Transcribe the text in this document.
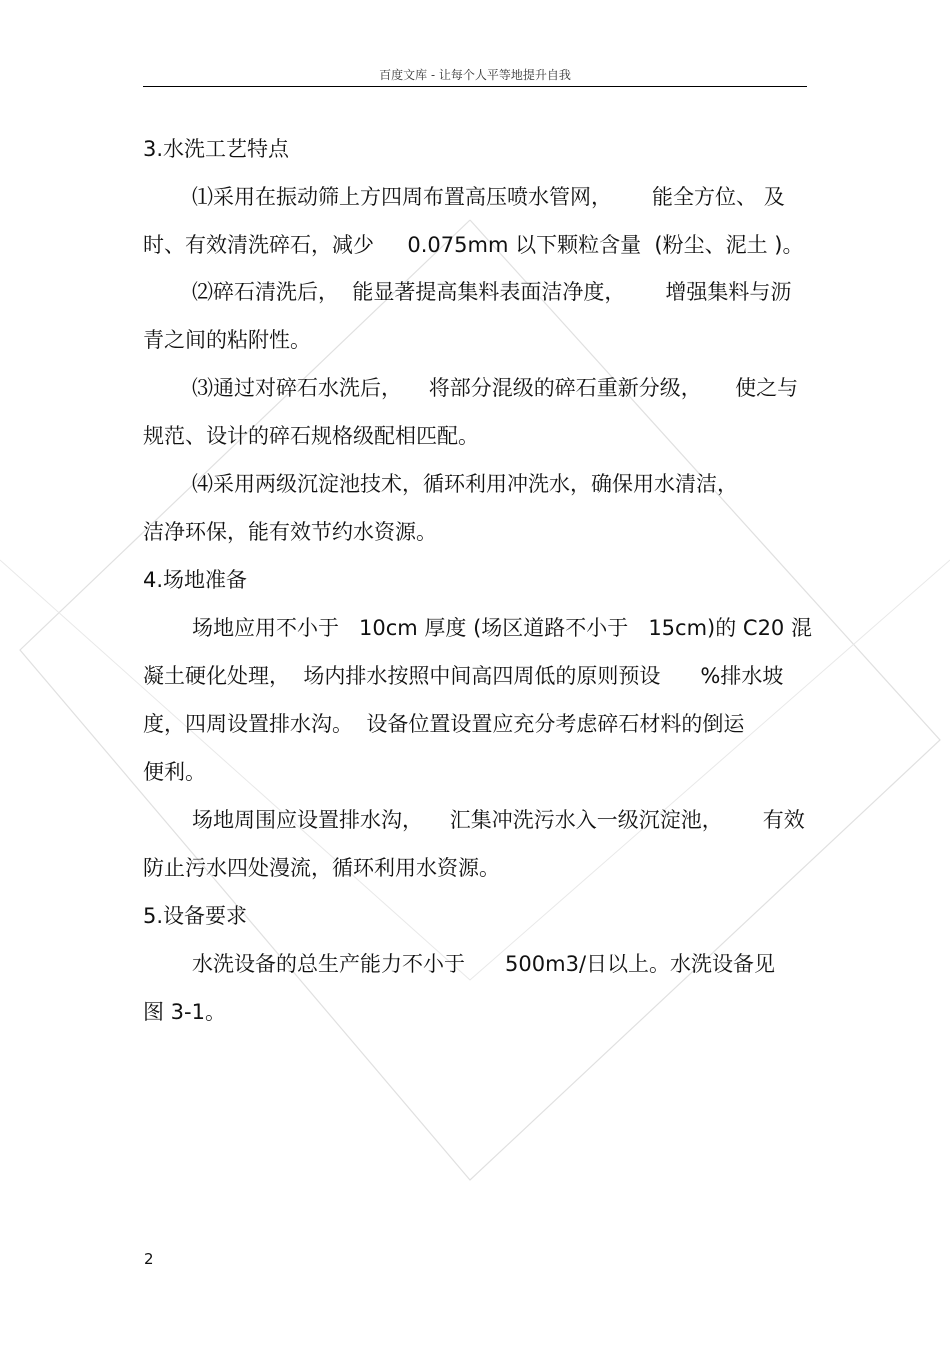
百度文库 - 让每个人平等地提升自我

3.水洗工艺特点

⑴采用在振动筛上方四周布置高压喷水管网，      能全方位、 及

时、有效清洗碎石，减少     0.075mm 以下颗粒含量  (粉尘、泥土 )。

⑵碎石清洗后，  能显著提高集料表面洁净度，      增强集料与沥

青之间的粘附性。

⑶通过对碎石水洗后，    将部分混级的碎石重新分级，     使之与

规范、设计的碎石规格级配相匹配。

⑷采用两级沉淀池技术，循环利用冲洗水，确保用水清洁，

洁净环保，能有效节约水资源。

4.场地准备

场地应用不小于   10cm 厚度 (场区道路不小于   15cm)的 C20 混

凝土硬化处理，  场内排水按照中间高四周低的原则预设      %排水坡

度，四周设置排水沟。  设备位置设置应充分考虑碎石材料的倒运

便利。

场地周围应设置排水沟，    汇集冲洗污水入一级沉淀池，      有效

防止污水四处漫流，循环利用水资源。

5.设备要求

水洗设备的总生产能力不小于      500m3/日以上。水洗设备见

图 3-1。

2
